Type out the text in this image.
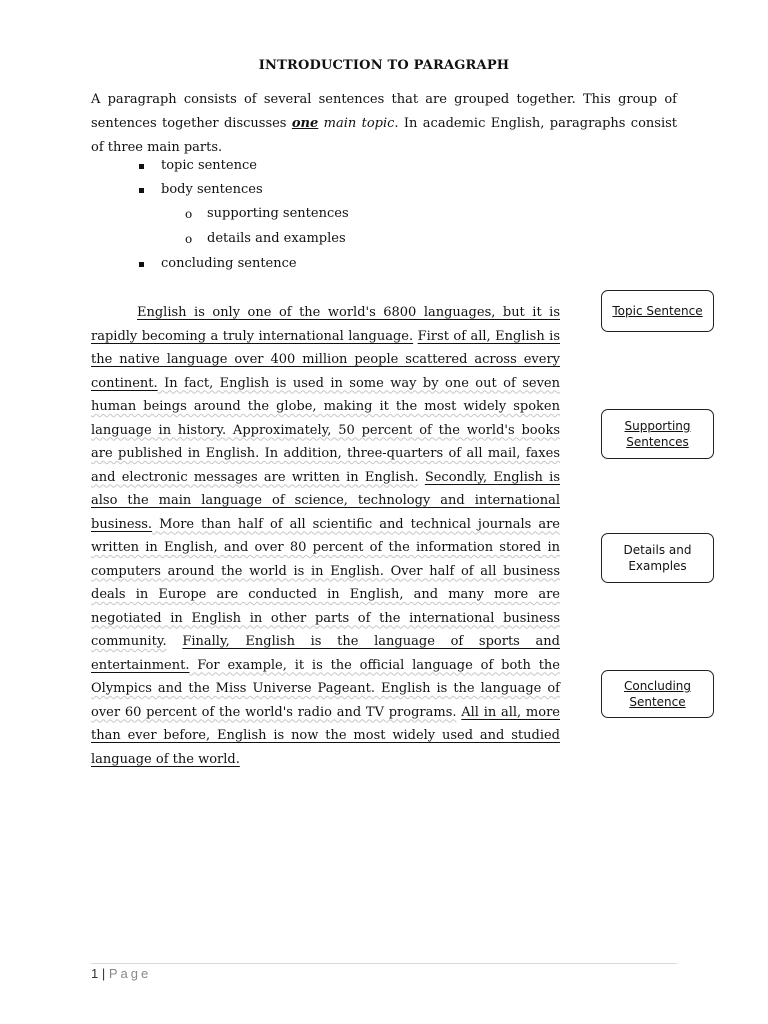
INTRODUCTION TO PARAGRAPH
A paragraph consists of several sentences that are grouped together. This group of sentences together discusses one main topic. In academic English, paragraphs consist of three main parts.
topic sentence
body sentences
o supporting sentences
o details and examples
concluding sentence
English is only one of the world's 6800 languages, but it is rapidly becoming a truly international language. First of all, English is the native language over 400 million people scattered across every continent. In fact, English is used in some way by one out of seven human beings around the globe, making it the most widely spoken language in history. Approximately, 50 percent of the world's books are published in English. In addition, three-quarters of all mail, faxes and electronic messages are written in English. Secondly, English is also the main language of science, technology and international business. More than half of all scientific and technical journals are written in English, and over 80 percent of the information stored in computers around the world is in English. Over half of all business deals in Europe are conducted in English, and many more are negotiated in English in other parts of the international business community. Finally, English is the language of sports and entertainment. For example, it is the official language of both the Olympics and the Miss Universe Pageant. English is the language of over 60 percent of the world's radio and TV programs. All in all, more than ever before, English is now the most widely used and studied language of the world.
Topic Sentence
Supporting
Sentences
Details and
Examples
Concluding
Sentence
1 | Page
